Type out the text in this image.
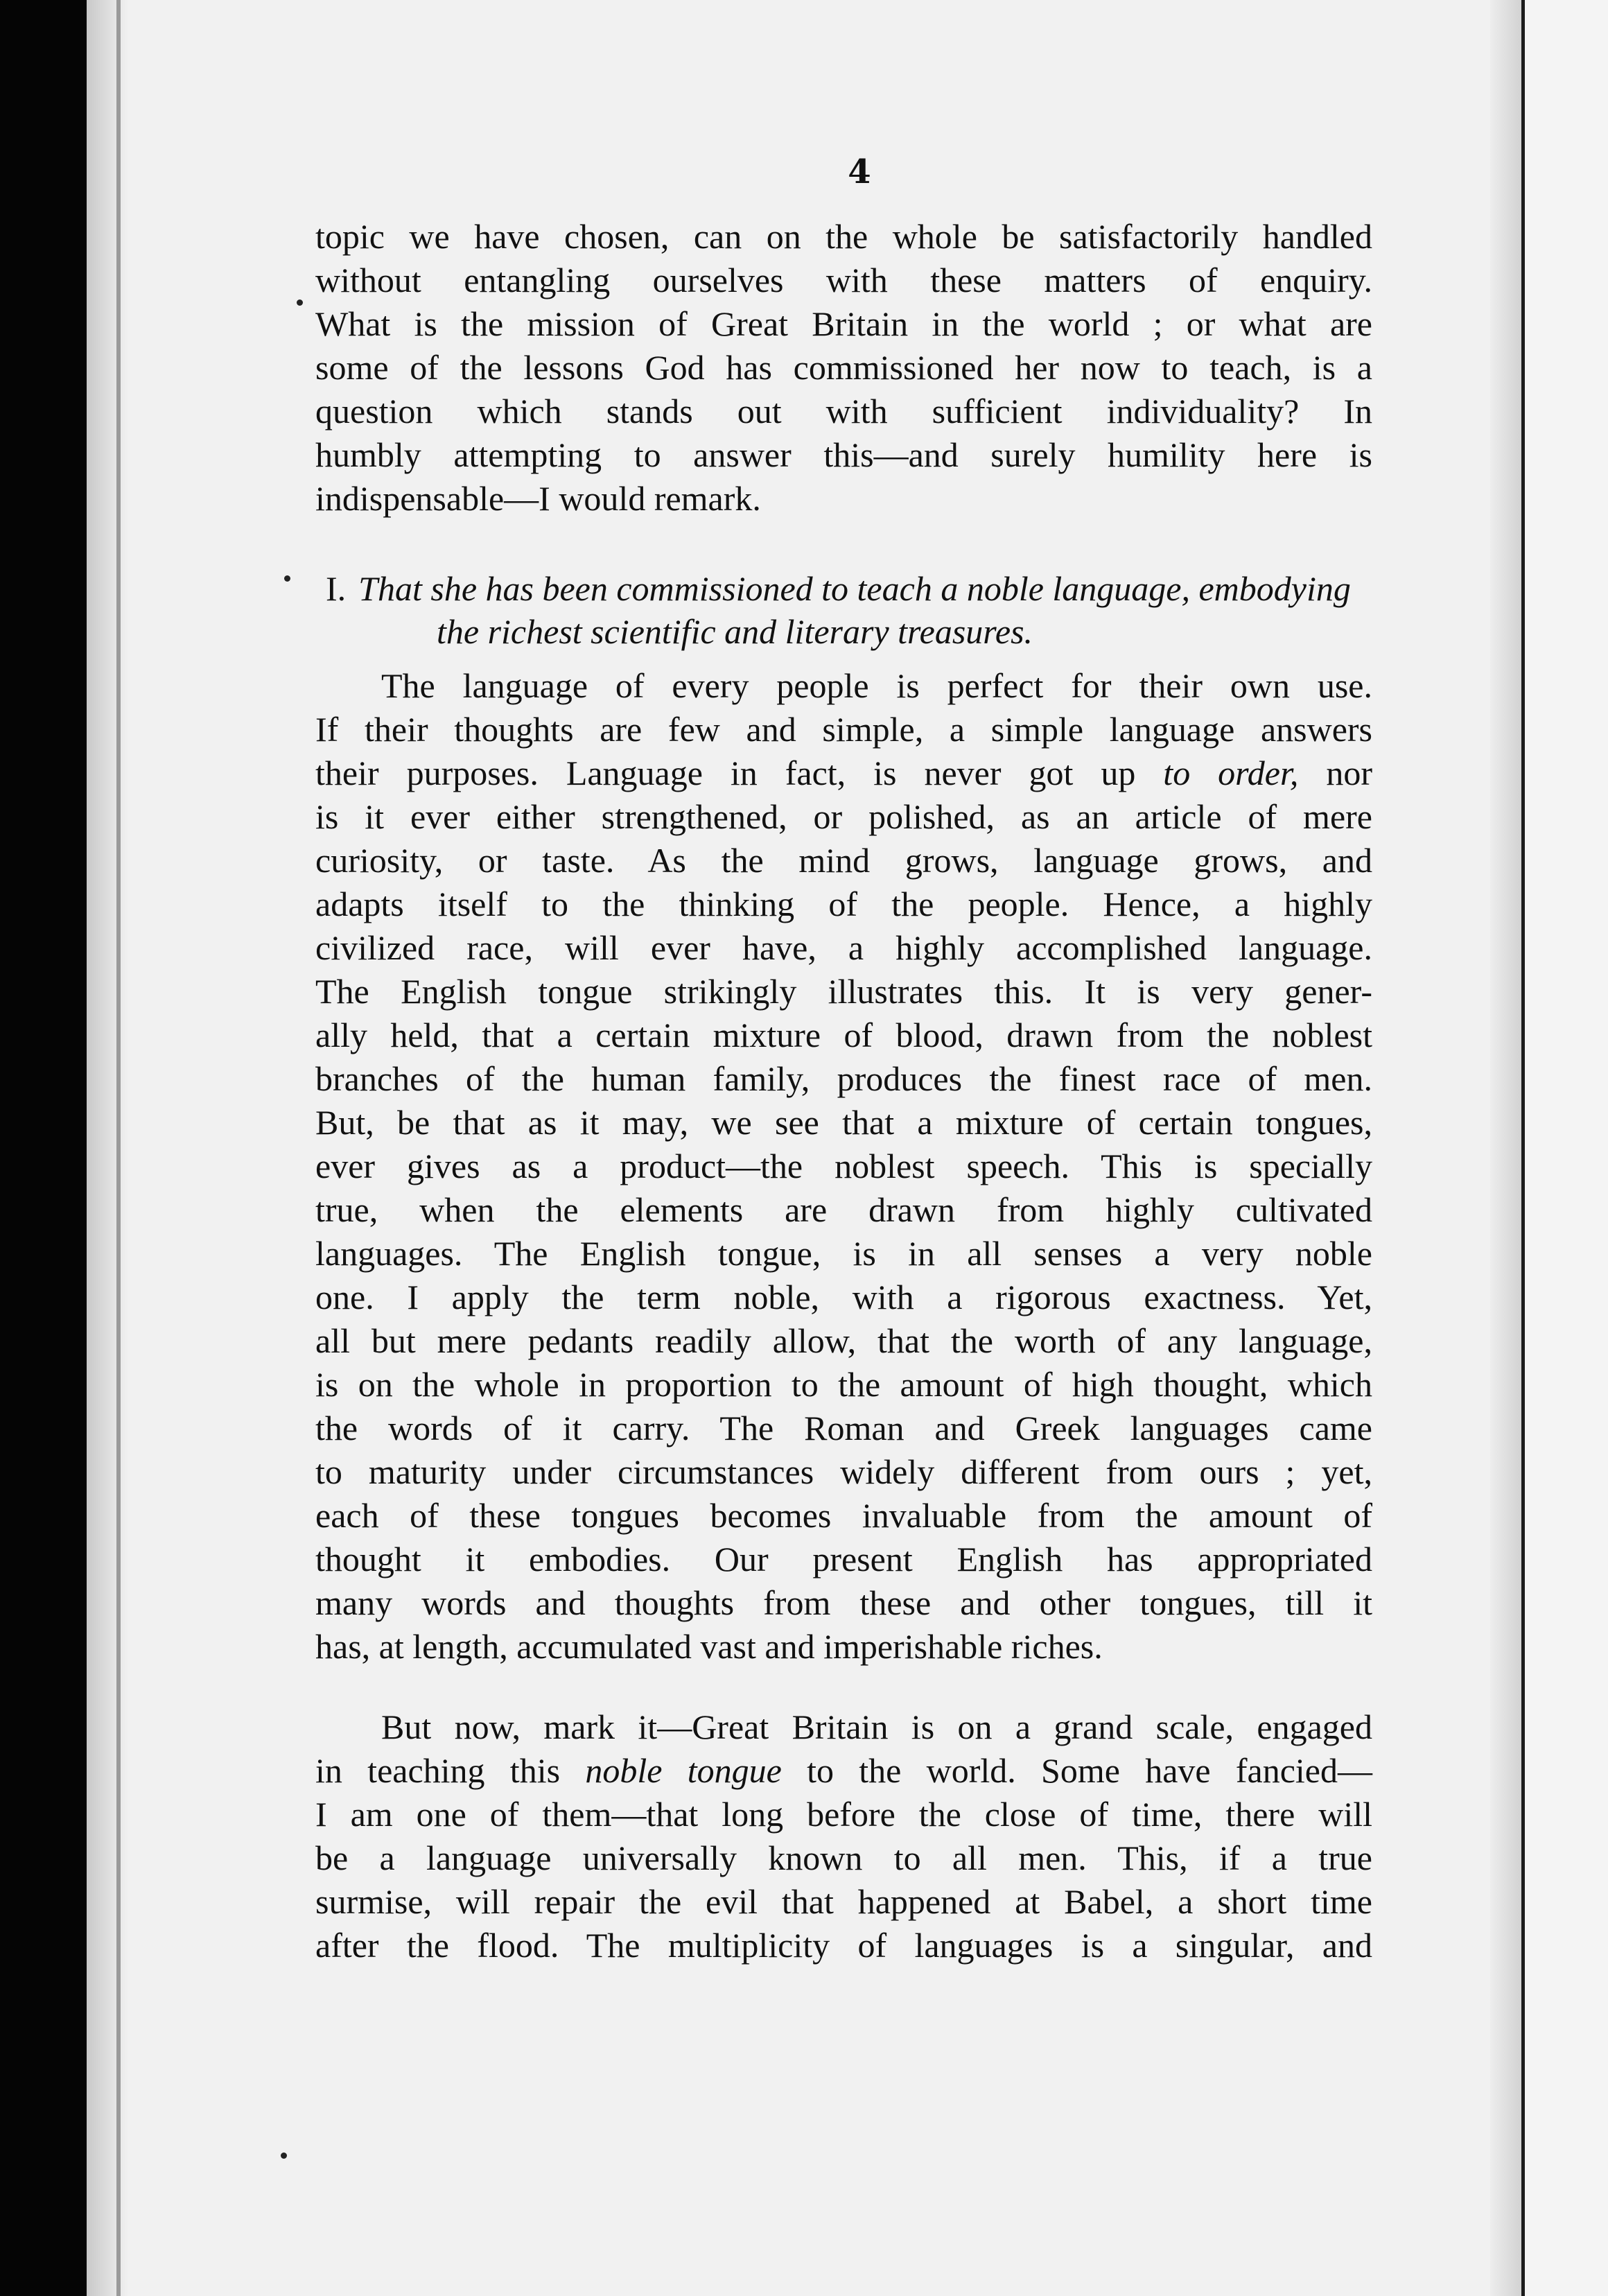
4
topic we have chosen, can on the whole be satisfactorily handled
without entangling ourselves with these matters of enquiry.
What is the mission of Great Britain in the world ; or what are
some of the lessons God has commissioned her now to teach, is a
question which stands out with sufficient individuality? In
humbly attempting to answer this—and surely humility here is
indispensable—I would remark.
I. That she has been commissioned to teach a noble language, embodying
the richest scientific and literary treasures.
The language of every people is perfect for their own use.
If their thoughts are few and simple, a simple language answers
their purposes. Language in fact, is never got up to order, nor
is it ever either strengthened, or polished, as an article of mere
curiosity, or taste. As the mind grows, language grows, and
adapts itself to the thinking of the people. Hence, a highly
civilized race, will ever have, a highly accomplished language.
The English tongue strikingly illustrates this. It is very gener-
ally held, that a certain mixture of blood, drawn from the noblest
branches of the human family, produces the finest race of men.
But, be that as it may, we see that a mixture of certain tongues,
ever gives as a product—the noblest speech. This is specially
true, when the elements are drawn from highly cultivated
languages. The English tongue, is in all senses a very noble
one. I apply the term noble, with a rigorous exactness. Yet,
all but mere pedants readily allow, that the worth of any language,
is on the whole in proportion to the amount of high thought, which
the words of it carry. The Roman and Greek languages came
to maturity under circumstances widely different from ours ; yet,
each of these tongues becomes invaluable from the amount of
thought it embodies. Our present English has appropriated
many words and thoughts from these and other tongues, till it
has, at length, accumulated vast and imperishable riches.
But now, mark it—Great Britain is on a grand scale, engaged
in teaching this noble tongue to the world. Some have fancied—
I am one of them—that long before the close of time, there will
be a language universally known to all men. This, if a true
surmise, will repair the evil that happened at Babel, a short time
after the flood. The multiplicity of languages is a singular, and
